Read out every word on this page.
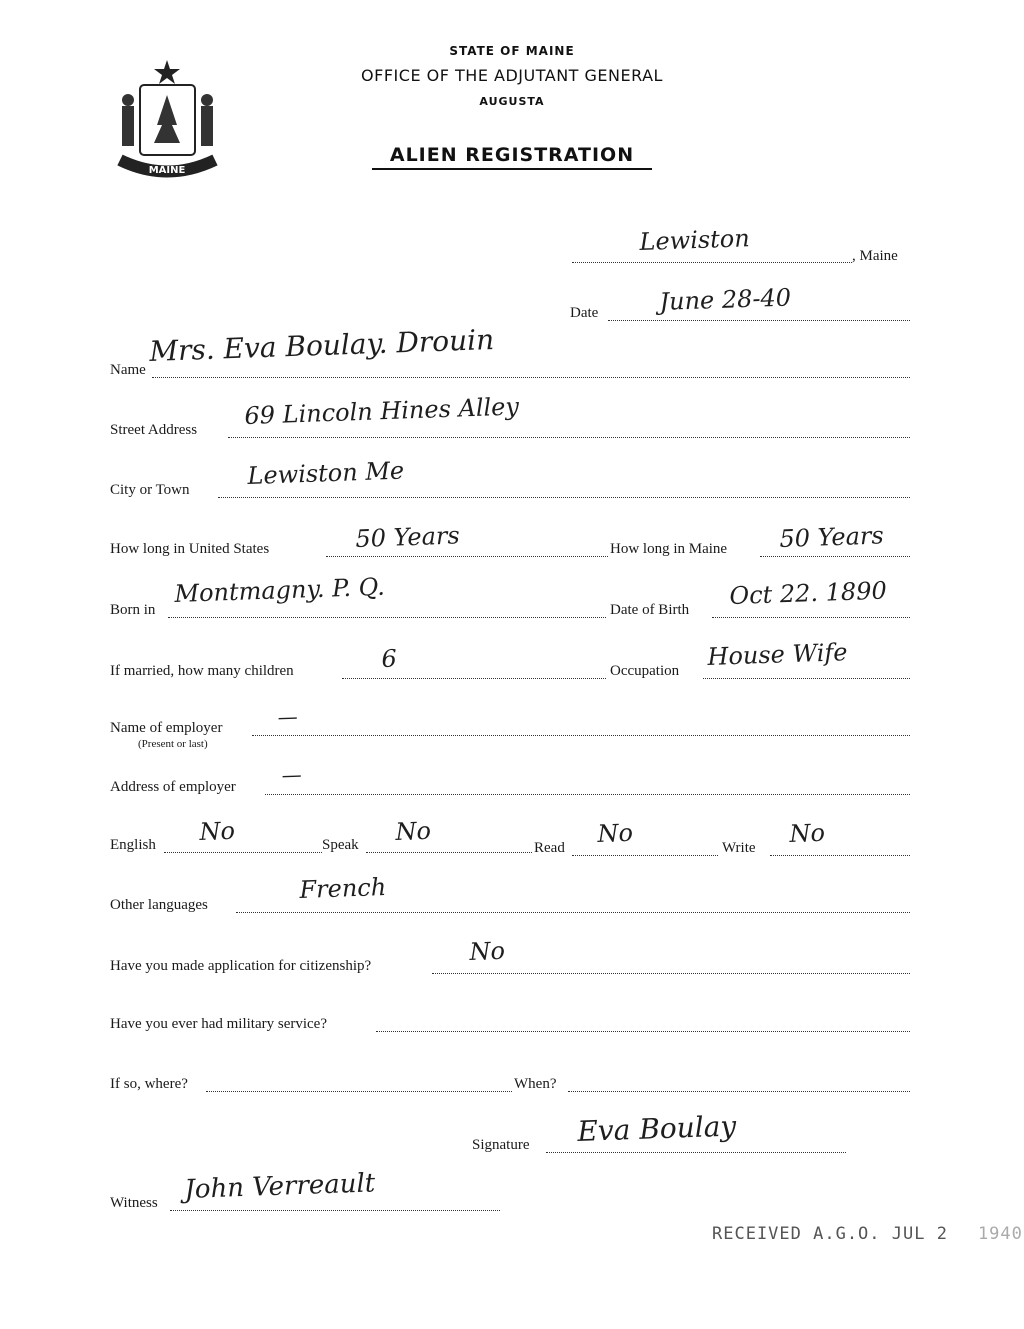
MAINE
STATE OF MAINE
OFFICE OF THE ADJUTANT GENERAL
AUGUSTA
ALIEN REGISTRATION
Lewiston	, Maine
Date	June 28-40
Name
Mrs. Eva Boulay. Drouin
Street Address 69 Lincoln Hines Alley
City or Town Lewiston Me
How long in United States	50 Years	How long in Maine 50 Years
Born in
Montmagny. P. Q.
Date of Birth Oct 22. 1890
If married, how many children	6	Occupation House Wife
Name of employer
(Present or last)
—
Address of employer —
English No	Speak No
Read No	Write No
Other languages
French
Have you made application for citizenship?	No
Have you ever had military service?
If so, where?	When?
Signature Eva Boulay
Witness John Verreault
RECEIVED A.G.O. JUL 2 1940
